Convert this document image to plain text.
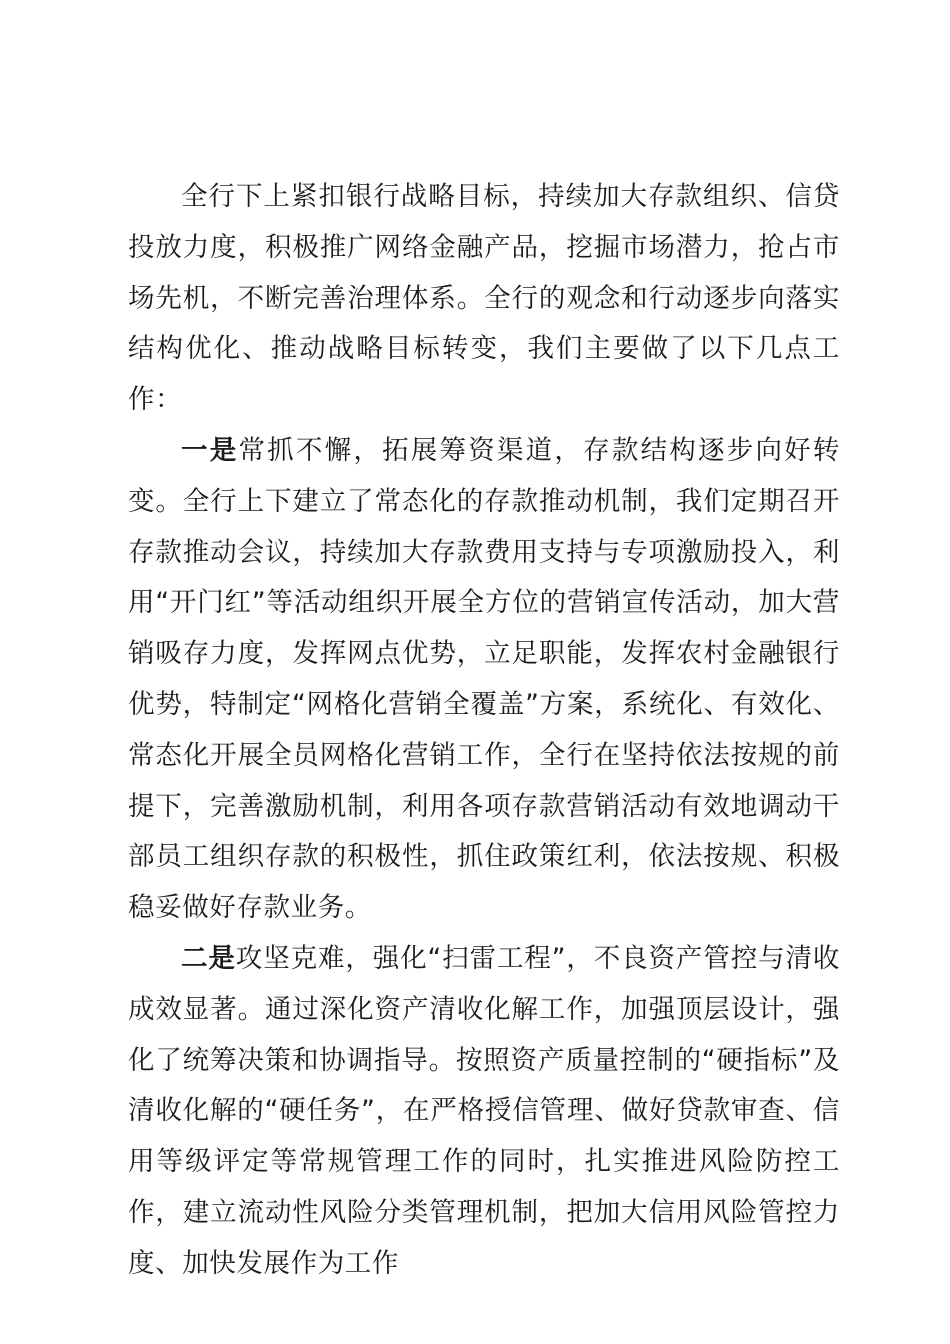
全行下上紧扣银行战略目标，持续加大存款组织、信贷投放力度，积极推广网络金融产品，挖掘市场潜力，抢占市场先机，不断完善治理体系。全行的观念和行动逐步向落实结构优化、推动战略目标转变，我们主要做了以下几点工作：

一是常抓不懈，拓展筹资渠道，存款结构逐步向好转变。全行上下建立了常态化的存款推动机制，我们定期召开存款推动会议，持续加大存款费用支持与专项激励投入，利用“开门红”等活动组织开展全方位的营销宣传活动，加大营销吸存力度，发挥网点优势，立足职能，发挥农村金融银行优势，特制定“网格化营销全覆盖”方案，系统化、有效化、常态化开展全员网格化营销工作，全行在坚持依法按规的前提下，完善激励机制，利用各项存款营销活动有效地调动干部员工组织存款的积极性，抓住政策红利，依法按规、积极稳妥做好存款业务。

二是攻坚克难，强化“扫雷工程”，不良资产管控与清收成效显著。通过深化资产清收化解工作，加强顶层设计，强化了统筹决策和协调指导。按照资产质量控制的“硬指标”及清收化解的“硬任务”，在严格授信管理、做好贷款审查、信用等级评定等常规管理工作的同时，扎实推进风险防控工作，建立流动性风险分类管理机制，把加大信用风险管控力度、加快发展作为工作
